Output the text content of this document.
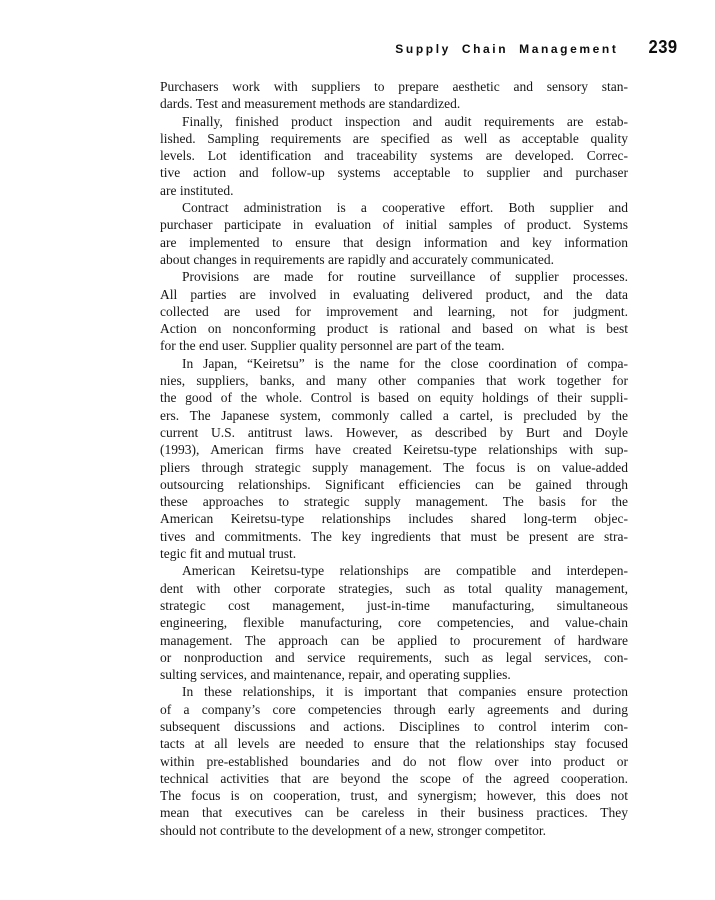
Supply Chain Management 239
Purchasers work with suppliers to prepare aesthetic and sensory stan-
dards. Test and measurement methods are standardized.
Finally, finished product inspection and audit requirements are estab-
lished. Sampling requirements are specified as well as acceptable quality
levels. Lot identification and traceability systems are developed. Correc-
tive action and follow-up systems acceptable to supplier and purchaser
are instituted.
Contract administration is a cooperative effort. Both supplier and
purchaser participate in evaluation of initial samples of product. Systems
are implemented to ensure that design information and key information
about changes in requirements are rapidly and accurately communicated.
Provisions are made for routine surveillance of supplier processes.
All parties are involved in evaluating delivered product, and the data
collected are used for improvement and learning, not for judgment.
Action on nonconforming product is rational and based on what is best
for the end user. Supplier quality personnel are part of the team.
In Japan, “Keiretsu” is the name for the close coordination of compa-
nies, suppliers, banks, and many other companies that work together for
the good of the whole. Control is based on equity holdings of their suppli-
ers. The Japanese system, commonly called a cartel, is precluded by the
current U.S. antitrust laws. However, as described by Burt and Doyle
(1993), American firms have created Keiretsu-type relationships with sup-
pliers through strategic supply management. The focus is on value-added
outsourcing relationships. Significant efficiencies can be gained through
these approaches to strategic supply management. The basis for the
American Keiretsu-type relationships includes shared long-term objec-
tives and commitments. The key ingredients that must be present are stra-
tegic fit and mutual trust.
American Keiretsu-type relationships are compatible and interdepen-
dent with other corporate strategies, such as total quality management,
strategic cost management, just-in-time manufacturing, simultaneous
engineering, flexible manufacturing, core competencies, and value-chain
management. The approach can be applied to procurement of hardware
or nonproduction and service requirements, such as legal services, con-
sulting services, and maintenance, repair, and operating supplies.
In these relationships, it is important that companies ensure protection
of a company’s core competencies through early agreements and during
subsequent discussions and actions. Disciplines to control interim con-
tacts at all levels are needed to ensure that the relationships stay focused
within pre-established boundaries and do not flow over into product or
technical activities that are beyond the scope of the agreed cooperation.
The focus is on cooperation, trust, and synergism; however, this does not
mean that executives can be careless in their business practices. They
should not contribute to the development of a new, stronger competitor.
